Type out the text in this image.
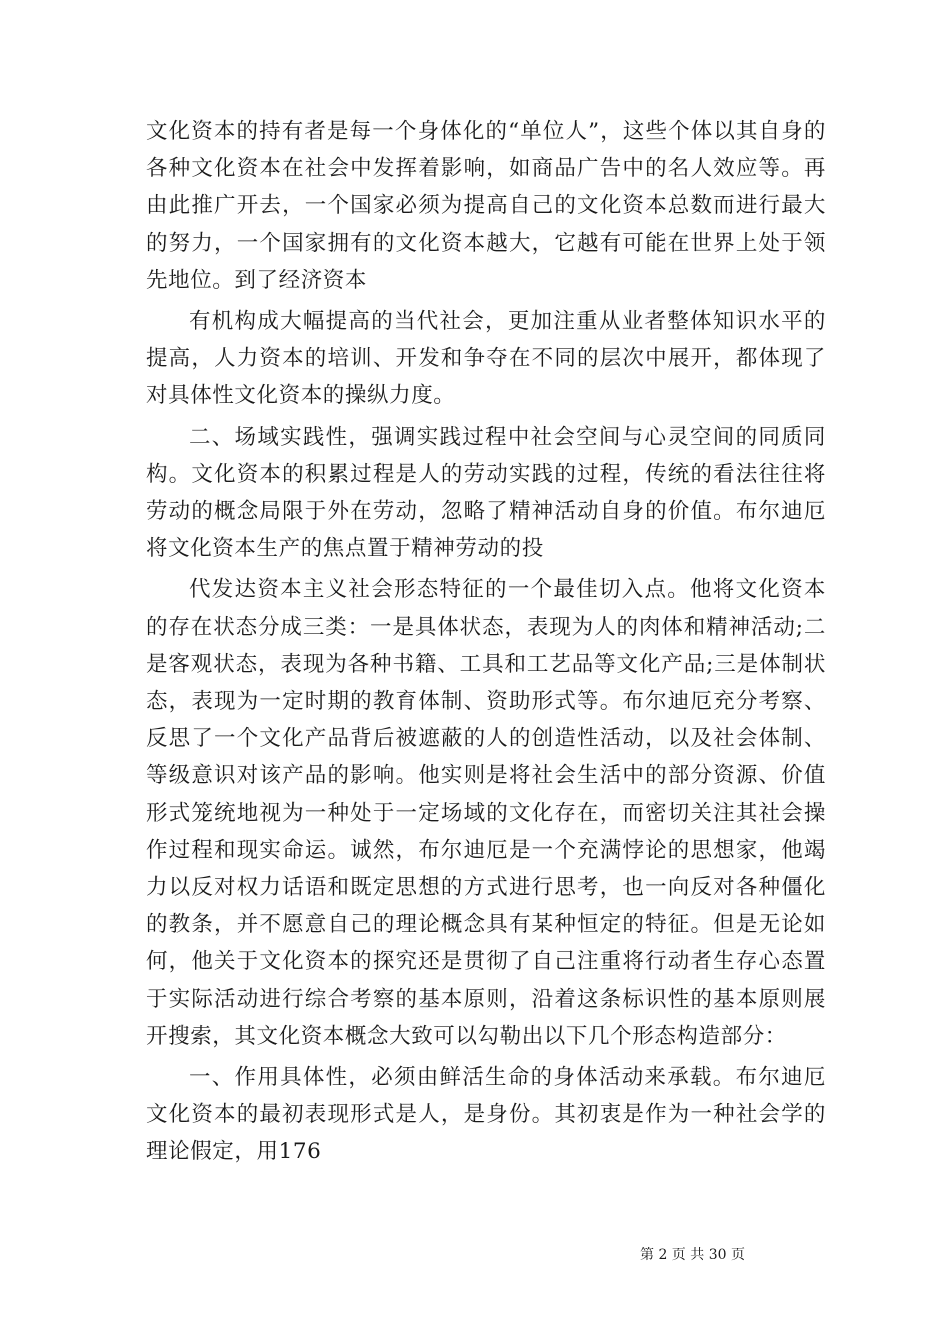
文化资本的持有者是每一个身体化的“单位人”，这些个体以其自身的各种文化资本在社会中发挥着影响，如商品广告中的名人效应等。再由此推广开去，一个国家必须为提高自己的文化资本总数而进行最大的努力，一个国家拥有的文化资本越大，它越有可能在世界上处于领先地位。到了经济资本

有机构成大幅提高的当代社会，更加注重从业者整体知识水平的提高，人力资本的培训、开发和争夺在不同的层次中展开，都体现了对具体性文化资本的操纵力度。

二、场域实践性，强调实践过程中社会空间与心灵空间的同质同构。文化资本的积累过程是人的劳动实践的过程，传统的看法往往将劳动的概念局限于外在劳动，忽略了精神活动自身的价值。布尔迪厄将文化资本生产的焦点置于精神劳动的投

代发达资本主义社会形态特征的一个最佳切入点。他将文化资本的存在状态分成三类：一是具体状态，表现为人的肉体和精神活动;二是客观状态，表现为各种书籍、工具和工艺品等文化产品;三是体制状态，表现为一定时期的教育体制、资助形式等。布尔迪厄充分考察、反思了一个文化产品背后被遮蔽的人的创造性活动，以及社会体制、等级意识对该产品的影响。他实则是将社会生活中的部分资源、价值形式笼统地视为一种处于一定场域的文化存在，而密切关注其社会操作过程和现实命运。诚然，布尔迪厄是一个充满悖论的思想家，他竭力以反对权力话语和既定思想的方式进行思考，也一向反对各种僵化的教条，并不愿意自己的理论概念具有某种恒定的特征。但是无论如何，他关于文化资本的探究还是贯彻了自己注重将行动者生存心态置于实际活动进行综合考察的基本原则，沿着这条标识性的基本原则展开搜索，其文化资本概念大致可以勾勒出以下几个形态构造部分：

一、作用具体性，必须由鲜活生命的身体活动来承载。布尔迪厄文化资本的最初表现形式是人，是身份。其初衷是作为一种社会学的理论假定，用176

第 2 页 共 30 页
